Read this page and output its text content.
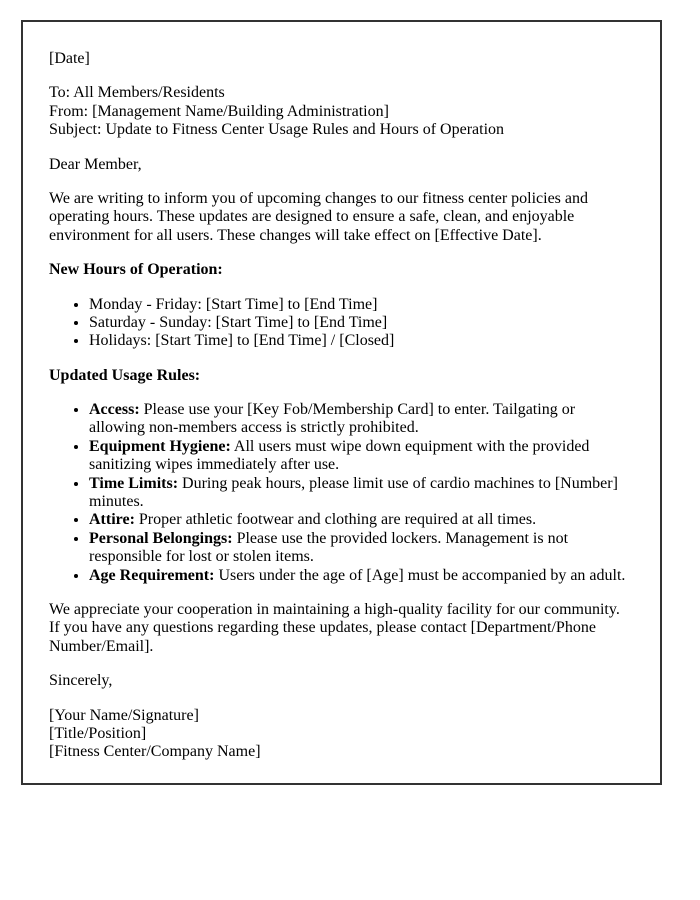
[Date]

To: All Members/Residents
From: [Management Name/Building Administration]
Subject: Update to Fitness Center Usage Rules and Hours of Operation

Dear Member,

We are writing to inform you of upcoming changes to our fitness center policies and operating hours. These updates are designed to ensure a safe, clean, and enjoyable environment for all users. These changes will take effect on [Effective Date].

New Hours of Operation:

• Monday - Friday: [Start Time] to [End Time]
• Saturday - Sunday: [Start Time] to [End Time]
• Holidays: [Start Time] to [End Time] / [Closed]

Updated Usage Rules:

• Access: Please use your [Key Fob/Membership Card] to enter. Tailgating or allowing non-members access is strictly prohibited.
• Equipment Hygiene: All users must wipe down equipment with the provided sanitizing wipes immediately after use.
• Time Limits: During peak hours, please limit use of cardio machines to [Number] minutes.
• Attire: Proper athletic footwear and clothing are required at all times.
• Personal Belongings: Please use the provided lockers. Management is not responsible for lost or stolen items.
• Age Requirement: Users under the age of [Age] must be accompanied by an adult.

We appreciate your cooperation in maintaining a high-quality facility for our community. If you have any questions regarding these updates, please contact [Department/Phone Number/Email].

Sincerely,

[Your Name/Signature]
[Title/Position]
[Fitness Center/Company Name]
